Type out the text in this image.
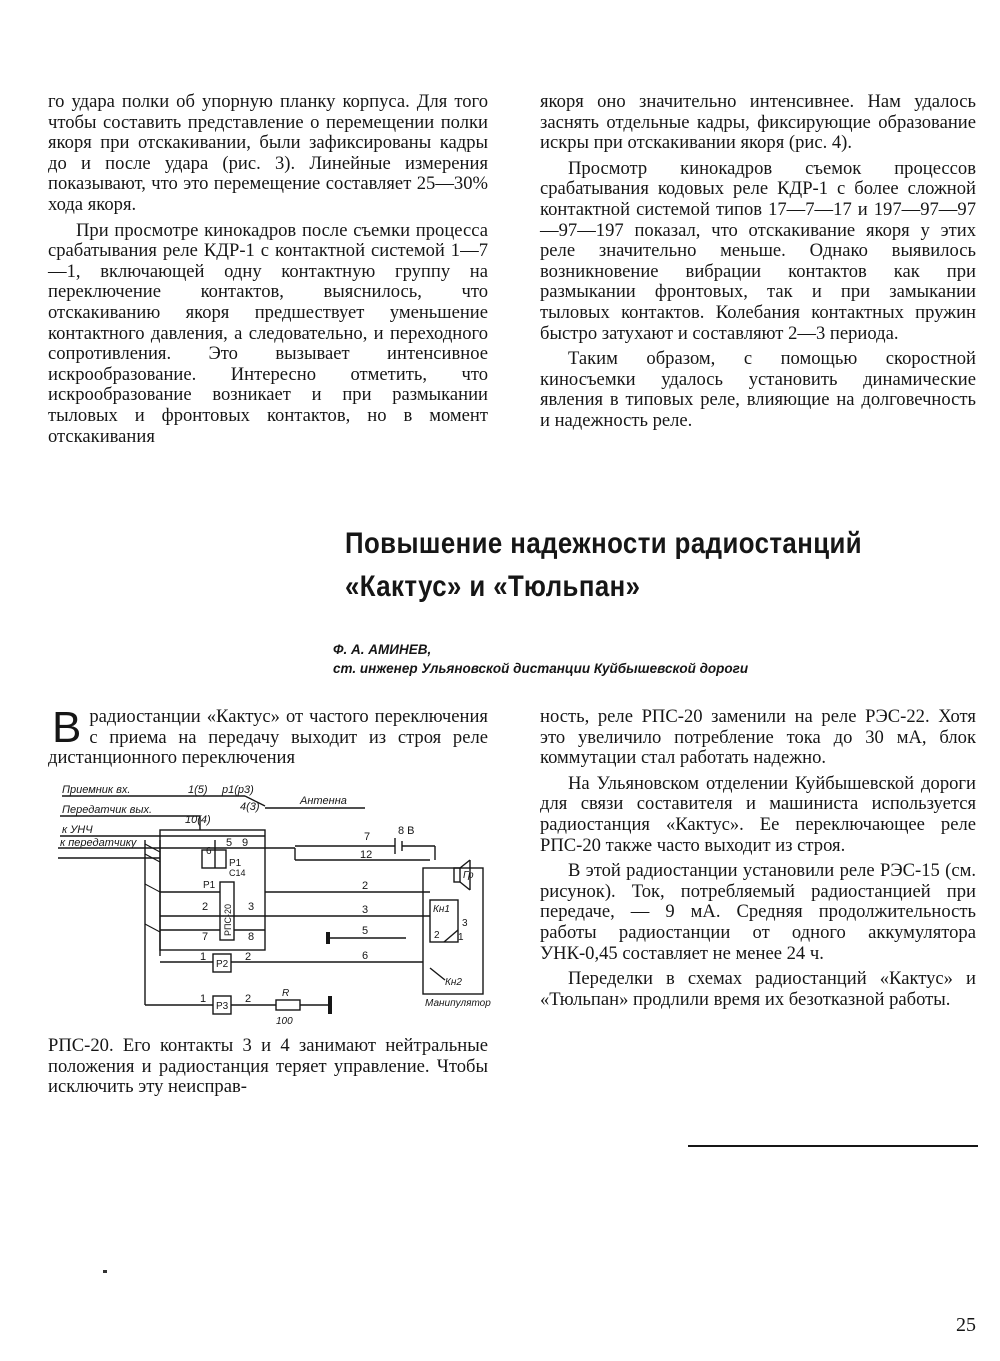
го удара полки об упорную планку корпуса. Для того чтобы составить представление о перемещении полки якоря при отскакивании, были зафиксированы кадры до и после удара (рис. 3). Линейные измерения показывают, что это перемещение составляет 25—30% хода якоря.

При просмотре кинокадров после съемки процесса срабатывания реле КДР-1 с контактной системой 1—7—1, включающей одну контактную группу на переключение контактов, выяснилось, что отскакиванию якоря предшествует уменьшение контактного давления, а следовательно, и переходного сопротивления. Это вызывает интенсивное искрообразование. Интересно отметить, что искрообразование возникает и при размыкании тыловых и фронтовых контактов, но в момент отскакивания

якоря оно значительно интенсивнее. Нам удалось заснять отдельные кадры, фиксирующие образование искры при отскакивании якоря (рис. 4).

Просмотр кинокадров съемок процессов срабатывания кодовых реле КДР-1 с более сложной контактной системой типов 17—7—17 и 197—97—97—97—197 показал, что отскакивание якоря у этих реле значительно меньше. Однако выявилось возникновение вибрации контактов как при размыкании фронтовых, так и при замыкании тыловых контактов. Колебания контактных пружин быстро затухают и составляют 2—3 периода.

Таким образом, с помощью скоростной киносъемки удалось установить динамические явления в типовых реле, влияющие на долговечность и надежность реле.

Повышение надежности радиостанций
«Кактус» и «Тюльпан»
Ф. А. АМИНЕВ,
ст. инженер Ульяновской дистанции Куйбышевской дороги

Врадиостанции «Кактус» от частого переключения с приема на передачу выходит из строя реле дистанционного переключения

Приемник вх.
Передатчик вых.
к УНЧ
к передатчику
Антенна
1(5) р1(р3)
4(3)
10(4)
5 9
6
Р1
Р1
С14
2	3
7	8
РПС-20
Р2
Р3
1	2
1	2	R
100
7
12
2
3
5
6
8 В
Гр
Кн1
Кн2
Манипулятор
3
2 1

РПС-20. Его контакты 3 и 4 занимают нейтральные положения и радиостанция теряет управление. Чтобы исключить эту неисправ-

ность, реле РПС-20 заменили на реле РЭС-22. Хотя это увеличило потребление тока до 30 мА, блок коммутации стал работать надежно.

На Ульяновском отделении Куйбышевской дороги для связи составителя и машиниста используется радиостанция «Кактус». Ее переключающее реле РПС-20 также часто выходит из строя.

В этой радиостанции установили реле РЭС-15 (см. рисунок). Ток, потребляемый радиостанцией при передаче, — 9 мА. Средняя продолжительность работы радиостанции от одного аккумулятора УНК-0,45 составляет не менее 24 ч.

Переделки в схемах радиостанций «Кактус» и «Тюльпан» продлили время их безотказной работы.

25
